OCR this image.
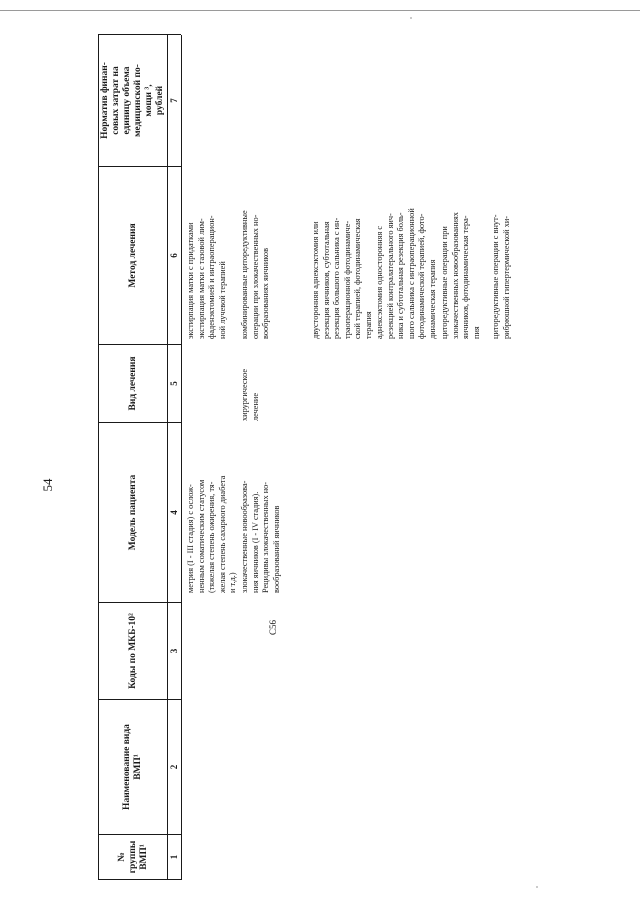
54
№
группы
ВМП¹
Наименование вида
ВМП¹
Коды по МКБ-10²
Модель пациента
Вид лечения
Метод лечения
Норматив финан-
совых затрат на
единицу объема
медицинской по-
мощи ³,
рублей
1
2
3
4
5
6
7
метрия (I - III стадия) с ослож-
ненным соматическим статусом
(тяжелая степень ожирения, тя-
желая степень сахарного диабета
и т.д.)
экстирпация матки с придатками
экстирпация матки с тазовой лим-
фаденэктомией и интраоперацион-
ной лучевой терапией
C56
злокачественные новообразова-
ния яичников (I - IV стадия).
Рецидивы злокачественных но-
вообразований яичников
хирургическое
лечение
комбинированные циторедуктивные
операции при злокачественных но-
вообразованиях яичников
двусторонняя аднексэктомия или
резекция яичников, субтотальная
резекция большого сальника с ин-
траоперационной фотодинамиче-
ской терапией, фотодинамическая
терапия аднексэктомия односторонняя с
резекцией контралатерального яич-
ника и субтотальная резекция боль-
шого сальника с интраоперационной
фотодинамической терапией, фото-
динамическая терапия
циторедуктивные операции при
злокачественных новообразованиях
яичников, фотодинамическая тера-
пия циторедуктивные операции с внут-
рибрюшной гипертермической хи-
